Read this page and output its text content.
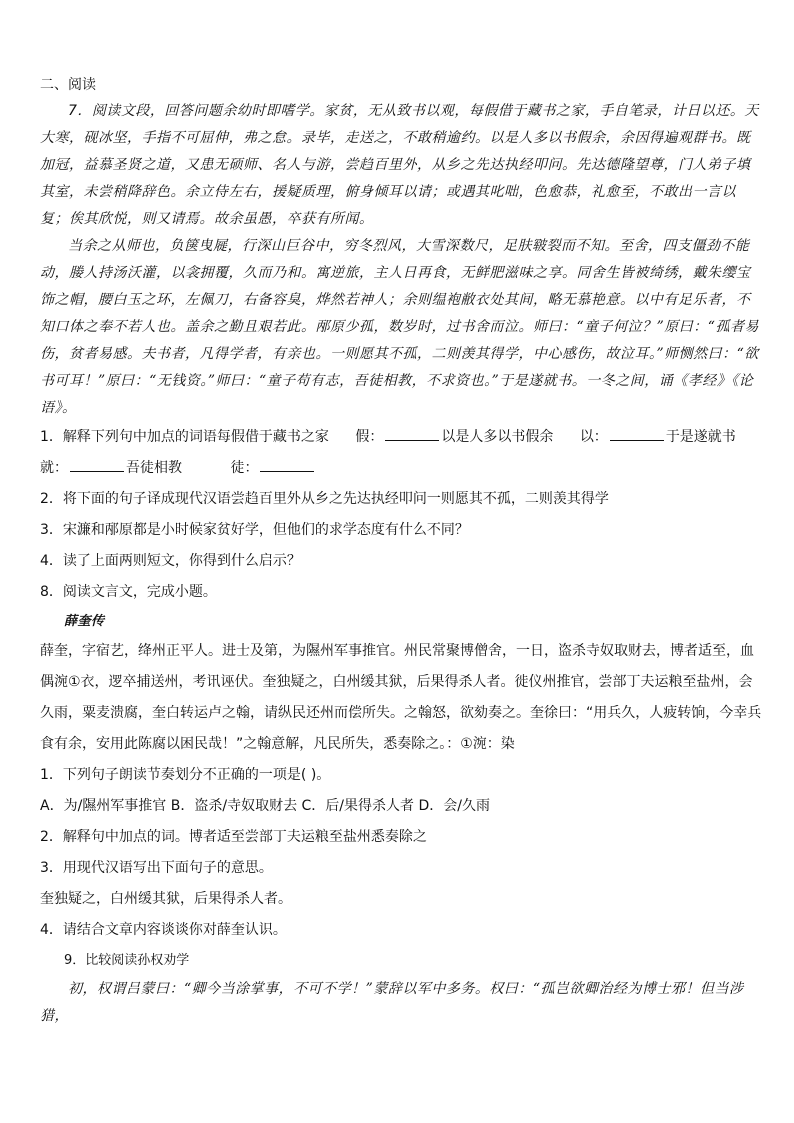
二、阅读

7．阅读文段，回答问题余幼时即嗜学。家贫，无从致书以观，每假借于藏书之家，手自笔录，计日以还。天大寒，砚冰坚，手指不可屈伸，弗之怠。录毕，走送之，不敢稍逾约。以是人多以书假余，余因得遍观群书。既加冠，益慕圣贤之道，又患无硕师、名人与游，尝趋百里外，从乡之先达执经叩问。先达德隆望尊，门人弟子填其室，未尝稍降辞色。余立侍左右，援疑质理，俯身倾耳以请；或遇其叱咄，色愈恭，礼愈至，不敢出一言以复；俟其欣悦，则又请焉。故余虽愚，卒获有所闻。

当余之从师也，负箧曳屣，行深山巨谷中，穷冬烈风，大雪深数尺，足肤皲裂而不知。至舍，四支僵劲不能动，媵人持汤沃灌，以衾拥覆，久而乃和。寓逆旅，主人日再食，无鲜肥滋味之享。同舍生皆被绮绣，戴朱缨宝饰之帽，腰白玉之环，左佩刀，右备容臭，烨然若神人；余则缊袍敝衣处其间，略无慕艳意。以中有足乐者，不知口体之奉不若人也。盖余之勤且艰若此。邴原少孤，数岁时，过书舍而泣。师曰：“童子何泣？”原曰：“孤者易伤，贫者易感。夫书者，凡得学者，有亲也。一则愿其不孤，二则羡其得学，中心感伤，故泣耳。”师恻然曰：“欲书可耳！”原曰：“无钱资。”师曰：“童子苟有志，吾徒相教，不求资也。”于是遂就书。一冬之间，诵《孝经》《论语》。

1．解释下列句中加点的词语每假借于藏书之家 假：	以是人多以书假余 以：	于是遂就书

就：	吾徒相教	徒：

2．将下面的句子译成现代汉语尝趋百里外从乡之先达执经叩问一则愿其不孤，二则羡其得学

3．宋濂和邴原都是小时候家贫好学，但他们的求学态度有什么不同？

4．读了上面两则短文，你得到什么启示？

8．阅读文言文，完成小题。

薛奎传

薛奎，字宿艺，绛州正平人。进士及第，为隰州军事推官。州民常聚博僧舍，一日，盗杀寺奴取财去，博者适至，血偶涴①衣，逻卒捕送州，考讯诬伏。奎独疑之，白州缓其狱，后果得杀人者。徙仪州推官，尝部丁夫运粮至盐州，会久雨，粟麦溃腐，奎白转运卢之翰，请纵民还州而偿所失。之翰怒，欲劾奏之。奎徐曰：“用兵久，人疲转饷，今幸兵食有余，安用此陈腐以困民哉！”之翰意解，凡民所失，悉奏除之。：①涴：染

1．下列句子朗读节奏划分不正确的一项是( )。

A．为/隰州军事推官 B．盗杀/寺奴取财去 C．后/果得杀人者 D．会/久雨

2．解释句中加点的词。博者适至尝部丁夫运粮至盐州悉奏除之

3．用现代汉语写出下面句子的意思。

奎独疑之，白州缓其狱，后果得杀人者。

4．请结合文章内容谈谈你对薛奎认识。

9．比较阅读孙权劝学

初，权谓吕蒙曰：“卿今当涂掌事，不可不学！”蒙辞以军中多务。权曰：“孤岂欲卿治经为博士邪！但当涉猎，
